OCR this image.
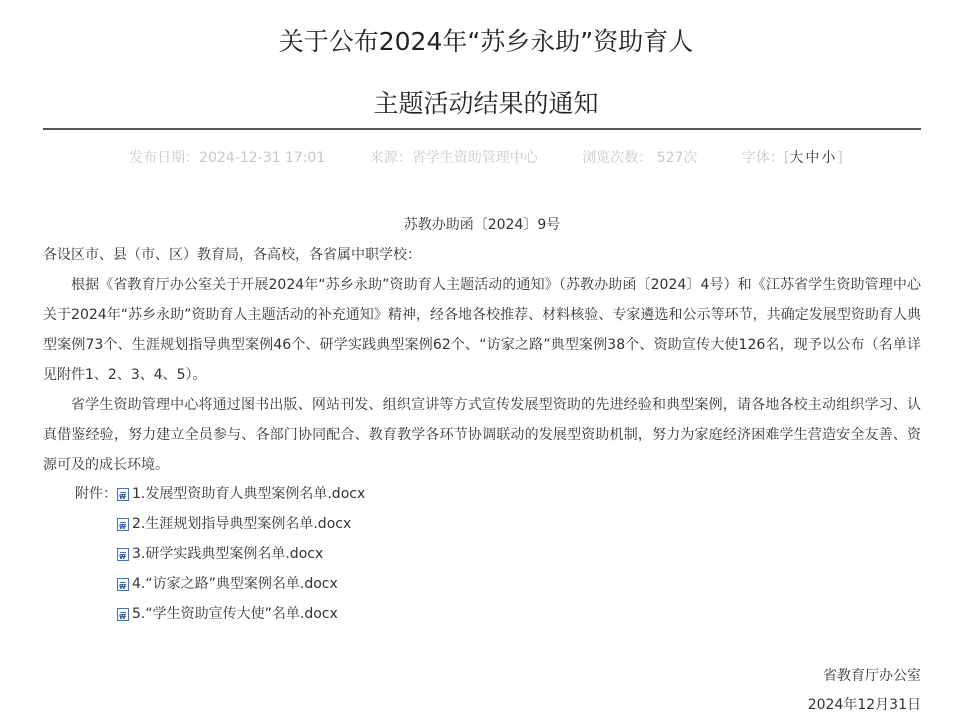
关于公布2024年“苏乡永助”资助育人
主题活动结果的通知
发布日期：2024-12-31 17:01	来源：省学生资助管理中心	浏览次数： 527次	字体：[大中小]
苏教办助函〔2024〕9号
各设区市、县（市、区）教育局，各高校，各省属中职学校：
根据《省教育厅办公室关于开展2024年“苏乡永助”资助育人主题活动的通知》（苏教办助函〔2024〕4号）和《江苏省学生资助管理中心关于2024年“苏乡永助”资助育人主题活动的补充通知》精神，经各地各校推荐、材料核验、专家遴选和公示等环节，共确定发展型资助育人典型案例73个、生涯规划指导典型案例46个、研学实践典型案例62个、“访家之路”典型案例38个、资助宣传大使126名，现予以公布（名单详见附件1、2、3、4、5）。
省学生资助管理中心将通过图书出版、网站刊发、组织宣讲等方式宣传发展型资助的先进经验和典型案例，请各地各校主动组织学习、认真借鉴经验，努力建立全员参与、各部门协同配合、教育教学各环节协调联动的发展型资助机制，努力为家庭经济困难学生营造安全友善、资源可及的成长环境。
附件：
W 1.发展型资助育人典型案例名单.docx
W
2.生涯规划指导典型案例名单.docx
W
3.研学实践典型案例名单.docx
W
4.“访家之路”典型案例名单.docx
W
5.“学生资助宣传大使”名单.docx
省教育厅办公室
2024年12月31日
